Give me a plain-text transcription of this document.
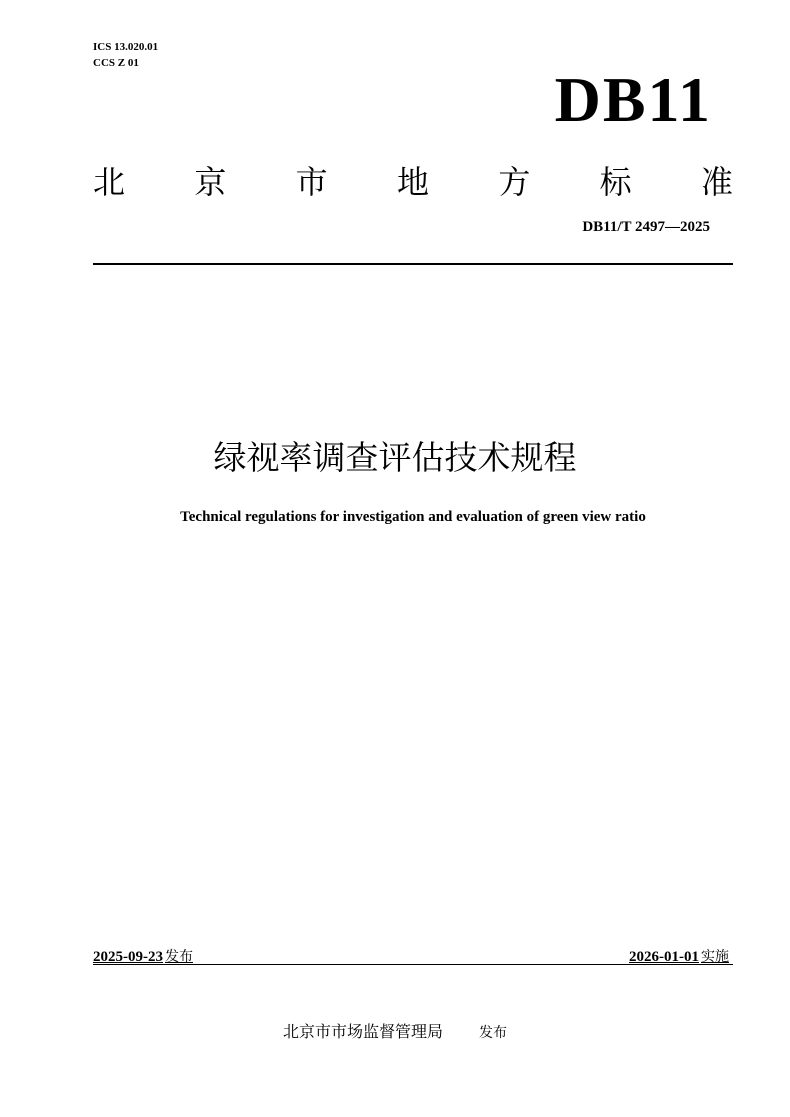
ICS 13.020.01
CCS Z 01
DB11
北 京 市 地 方 标 准
DB11/T 2497—2025
绿视率调查评估技术规程
Technical regulations for investigation and evaluation of green view ratio
2025-09-23 发布	2026-01-01 实施
北京市市场监督管理局	发布
